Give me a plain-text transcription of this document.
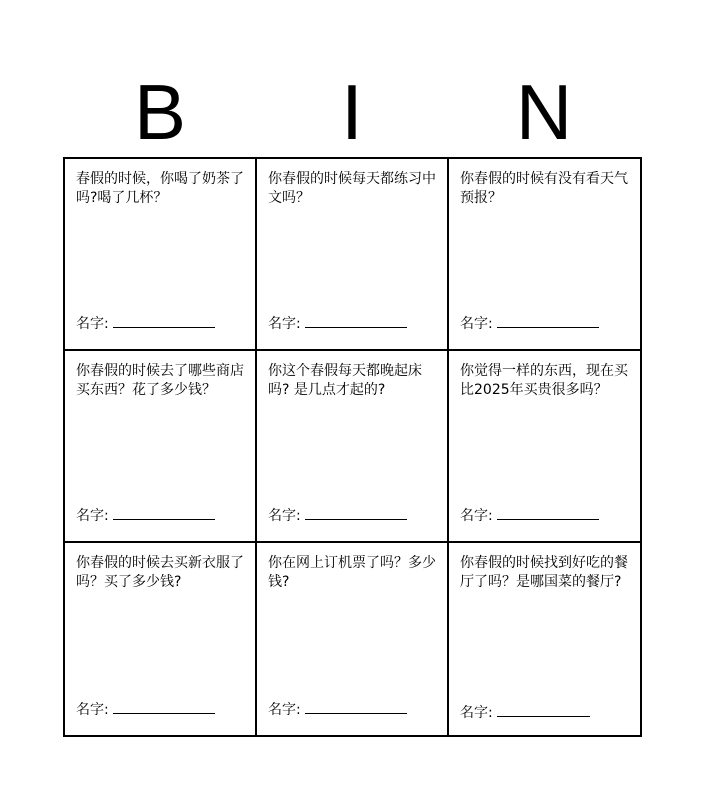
B	I	N
春假的时候，你喝了奶茶了吗?喝了几杯？
名字:
你春假的时候每天都练习中文吗？
名字:
你春假的时候有没有看天气预报？
名字:
你春假的时候去了哪些商店买东西？花了多少钱？
名字:
你这个春假每天都晚起床吗? 是几点才起的?
名字:
你觉得一样的东西，现在买比2025年买贵很多吗？
名字:
你春假的时候去买新衣服了吗？买了多少钱?
名字:
你在网上订机票了吗？多少钱?
名字:
你春假的时候找到好吃的餐厅了吗？是哪国菜的餐厅?
名字:
